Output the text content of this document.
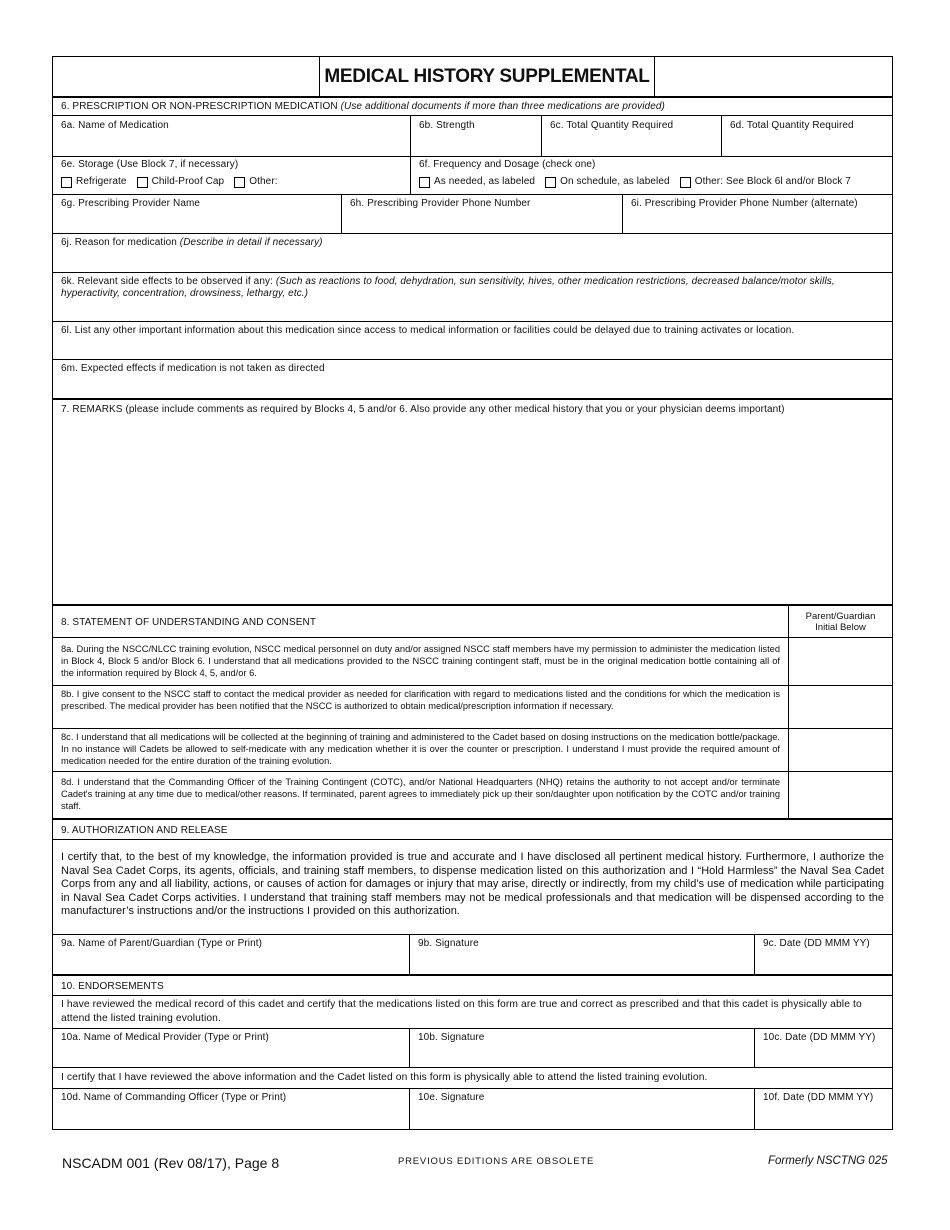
MEDICAL HISTORY SUPPLEMENTAL
6. PRESCRIPTION OR NON-PRESCRIPTION MEDICATION (Use additional documents if more than three medications are provided)
6a. Name of Medication	6b. Strength	6c. Total Quantity Required	6d. Total Quantity Required
6e. Storage (Use Block 7, if necessary)
Refrigerate	Child-Proof Cap	Other:
6f. Frequency and Dosage (check one)
As needed, as labeled	On schedule, as labeled	Other: See Block 6l and/or Block 7
6g. Prescribing Provider Name	6h. Prescribing Provider Phone Number	6i. Prescribing Provider Phone Number (alternate)
6j. Reason for medication (Describe in detail if necessary)
6k. Relevant side effects to be observed if any: (Such as reactions to food, dehydration, sun sensitivity, hives, other medication restrictions, decreased balance/motor skills, hyperactivity, concentration, drowsiness, lethargy, etc.)
6l. List any other important information about this medication since access to medical information or facilities could be delayed due to training activates or location.
6m. Expected effects if medication is not taken as directed
7. REMARKS (please include comments as required by Blocks 4, 5 and/or 6. Also provide any other medical history that you or your physician deems important)
8. STATEMENT OF UNDERSTANDING AND CONSENT
Parent/Guardian Initial Below
8a. During the NSCC/NLCC training evolution, NSCC medical personnel on duty and/or assigned NSCC staff members have my permission to administer the medication listed in Block 4, Block 5 and/or Block 6. I understand that all medications provided to the NSCC training contingent staff, must be in the original medication bottle containing all of the information required by Block 4, 5, and/or 6.
8b. I give consent to the NSCC staff to contact the medical provider as needed for clarification with regard to medications listed and the conditions for which the medication is prescribed. The medical provider has been notified that the NSCC is authorized to obtain medical/prescription information if necessary.
8c. I understand that all medications will be collected at the beginning of training and administered to the Cadet based on dosing instructions on the medication bottle/package. In no instance will Cadets be allowed to self-medicate with any medication whether it is over the counter or prescription. I understand I must provide the required amount of medication needed for the entire duration of the training evolution.
8d. I understand that the Commanding Officer of the Training Contingent (COTC), and/or National Headquarters (NHQ) retains the authority to not accept and/or terminate Cadet's training at any time due to medical/other reasons. If terminated, parent agrees to immediately pick up their son/daughter upon notification by the COTC and/or training staff.
9. AUTHORIZATION AND RELEASE
I certify that, to the best of my knowledge, the information provided is true and accurate and I have disclosed all pertinent medical history. Furthermore, I authorize the Naval Sea Cadet Corps, its agents, officials, and training staff members, to dispense medication listed on this authorization and I “Hold Harmless” the Naval Sea Cadet Corps from any and all liability, actions, or causes of action for damages or injury that may arise, directly or indirectly, from my child’s use of medication while participating in Naval Sea Cadet Corps activities. I understand that training staff members may not be medical professionals and that medication will be dispensed according to the manufacturer’s instructions and/or the instructions I provided on this authorization.
9a. Name of Parent/Guardian (Type or Print)	9b. Signature	9c. Date (DD MMM YY)
10. ENDORSEMENTS
I have reviewed the medical record of this cadet and certify that the medications listed on this form are true and correct as prescribed and that this cadet is physically able to attend the listed training evolution.
10a. Name of Medical Provider (Type or Print)	10b. Signature	10c. Date (DD MMM YY)
I certify that I have reviewed the above information and the Cadet listed on this form is physically able to attend the listed training evolution.
10d. Name of Commanding Officer (Type or Print)	10e. Signature	10f. Date (DD MMM YY)
NSCADM 001 (Rev 08/17), Page 8	PREVIOUS EDITIONS ARE OBSOLETE	Formerly NSCTNG 025
